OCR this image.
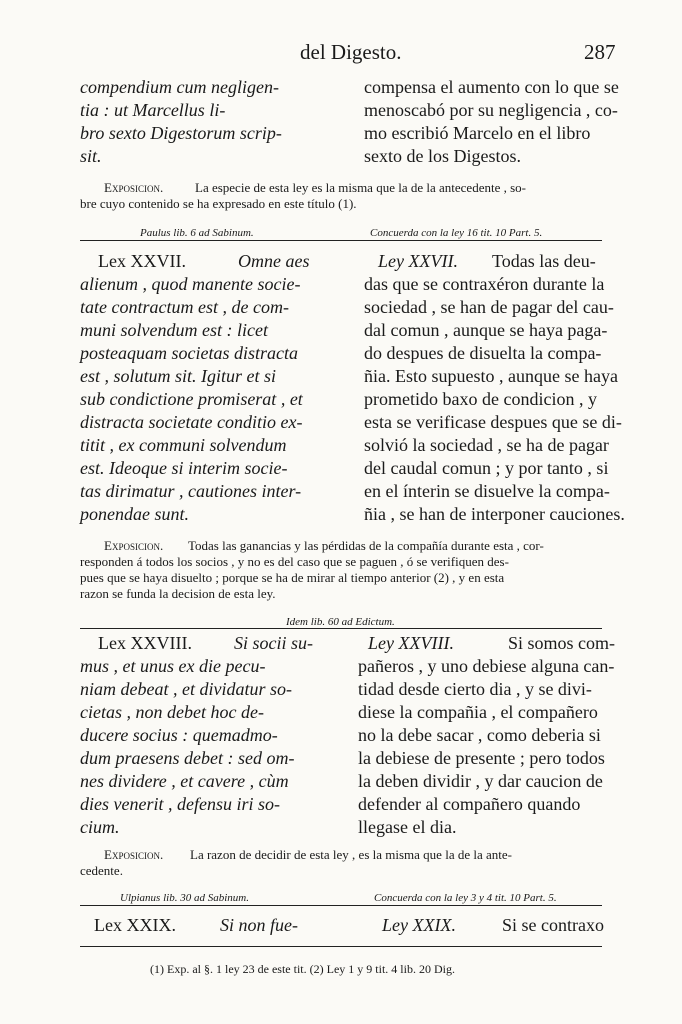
del Digesto.	287
compendium cum negligen-
tia : ut Marcellus li-
bro sexto Digestorum scrip-
sit.
compensa el aumento con lo que se
menoscabó por su negligencia , co-
mo escribió Marcelo en el libro
sexto de los Digestos.
Exposicion. La especie de esta ley es la misma que la de la antecedente , so-
bre cuyo contenido se ha expresado en este título (1).
Paulus lib. 6 ad Sabinum.	Concuerda con la ley 16 tit. 10 Part. 5.
Lex XXVII.	Omne aes
alienum , quod manente socie-
tate contractum est , de com-
muni solvendum est : licet
posteaquam societas distracta
est , solutum sit. Igitur et si
sub condictione promiserat , et
distracta societate conditio ex-
titit , ex communi solvendum
est. Ideoque si interim socie-
tas dirimatur , cautiones inter-
ponendae sunt.
Ley XXVII. Todas las deu-
das que se contraxéron durante la
sociedad , se han de pagar del cau-
dal comun , aunque se haya paga-
do despues de disuelta la compa-
ñia. Esto supuesto , aunque se haya
prometido baxo de condicion , y
esta se verificase despues que se di-
solvió la sociedad , se ha de pagar
del caudal comun ; y por tanto , si
en el ínterin se disuelve la compa-
ñia , se han de interponer cauciones.
Exposicion. Todas las ganancias y las pérdidas de la compañía durante esta , cor-
responden á todos los socios , y no es del caso que se paguen , ó se verifiquen des-
pues que se haya disuelto ; porque se ha de mirar al tiempo anterior (2) , y en esta
razon se funda la decision de esta ley.
Idem lib. 60 ad Edictum.
Lex XXVIII. Si socii su-
mus , et unus ex die pecu-
niam debeat , et dividatur so-
cietas , non debet hoc de-
ducere socius : quemadmo-
dum praesens debet : sed om-
nes dividere , et cavere , cùm
dies venerit , defensu iri so-
cium.
Ley XXVIII.	Si somos com-
pañeros , y uno debiese alguna can-
tidad desde cierto dia , y se divi-
diese la compañia , el compañero
no la debe sacar , como deberia si
la debiese de presente ; pero todos
la deben dividir , y dar caucion de
defender al compañero quando
llegase el dia.
Exposicion. La razon de decidir de esta ley , es la misma que la de la ante-
cedente.
Ulpianus lib. 30 ad Sabinum.	Concuerda con la ley 3 y 4 tit. 10 Part. 5.
Lex XXIX. Si non fue-	Ley XXIX.	Si se contraxo
(1) Exp. al §. 1 ley 23 de este tit. (2) Ley 1 y 9 tit. 4 lib. 20 Dig.
